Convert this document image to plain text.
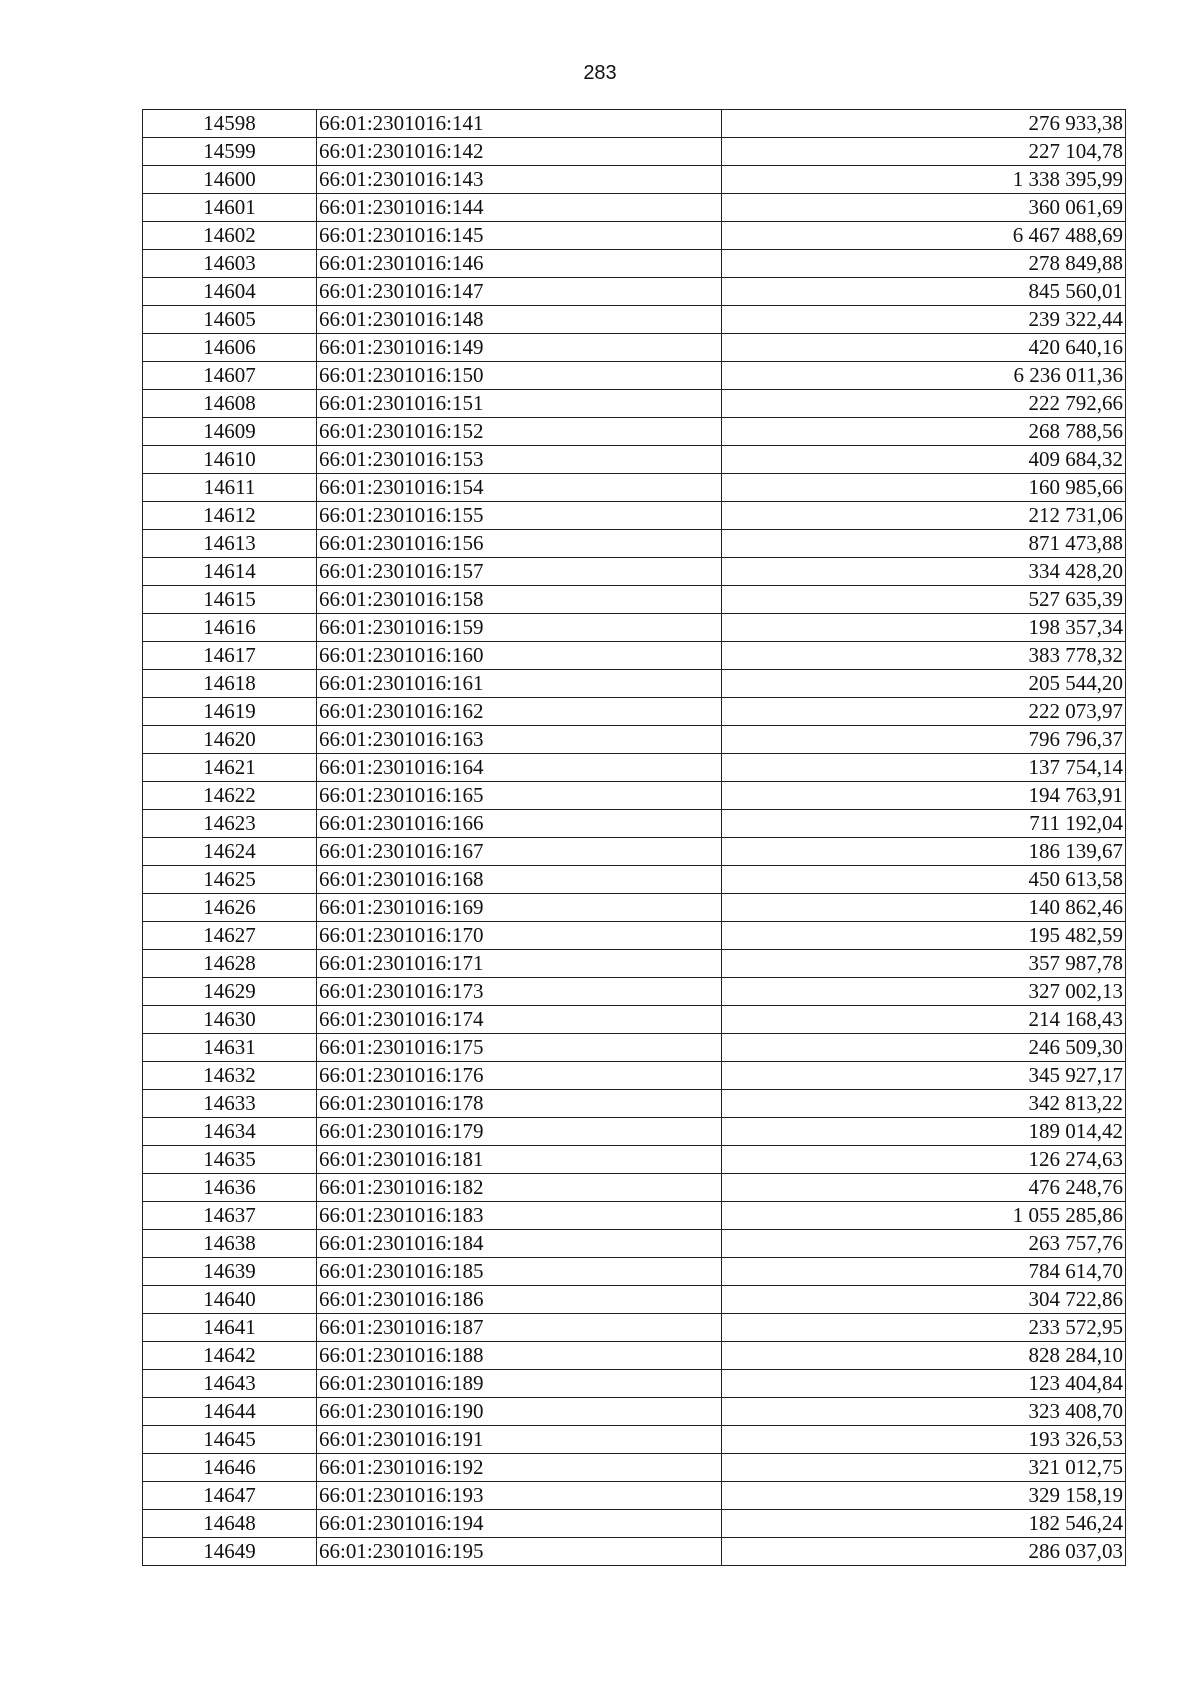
283
14598	66:01:2301016:141	276 933,38
14599	66:01:2301016:142	227 104,78
14600	66:01:2301016:143	1 338 395,99
14601	66:01:2301016:144	360 061,69
14602	66:01:2301016:145	6 467 488,69
14603	66:01:2301016:146	278 849,88
14604	66:01:2301016:147	845 560,01
14605	66:01:2301016:148	239 322,44
14606	66:01:2301016:149	420 640,16
14607	66:01:2301016:150	6 236 011,36
14608	66:01:2301016:151	222 792,66
14609	66:01:2301016:152	268 788,56
14610	66:01:2301016:153	409 684,32
14611	66:01:2301016:154	160 985,66
14612	66:01:2301016:155	212 731,06
14613	66:01:2301016:156	871 473,88
14614	66:01:2301016:157	334 428,20
14615	66:01:2301016:158	527 635,39
14616	66:01:2301016:159	198 357,34
14617	66:01:2301016:160	383 778,32
14618	66:01:2301016:161	205 544,20
14619	66:01:2301016:162	222 073,97
14620	66:01:2301016:163	796 796,37
14621	66:01:2301016:164	137 754,14
14622	66:01:2301016:165	194 763,91
14623	66:01:2301016:166	711 192,04
14624	66:01:2301016:167	186 139,67
14625	66:01:2301016:168	450 613,58
14626	66:01:2301016:169	140 862,46
14627	66:01:2301016:170	195 482,59
14628	66:01:2301016:171	357 987,78
14629	66:01:2301016:173	327 002,13
14630	66:01:2301016:174	214 168,43
14631	66:01:2301016:175	246 509,30
14632	66:01:2301016:176	345 927,17
14633	66:01:2301016:178	342 813,22
14634	66:01:2301016:179	189 014,42
14635	66:01:2301016:181	126 274,63
14636	66:01:2301016:182	476 248,76
14637	66:01:2301016:183	1 055 285,86
14638	66:01:2301016:184	263 757,76
14639	66:01:2301016:185	784 614,70
14640	66:01:2301016:186	304 722,86
14641	66:01:2301016:187	233 572,95
14642	66:01:2301016:188	828 284,10
14643	66:01:2301016:189	123 404,84
14644	66:01:2301016:190	323 408,70
14645	66:01:2301016:191	193 326,53
14646	66:01:2301016:192	321 012,75
14647	66:01:2301016:193	329 158,19
14648	66:01:2301016:194	182 546,24
14649	66:01:2301016:195	286 037,03
